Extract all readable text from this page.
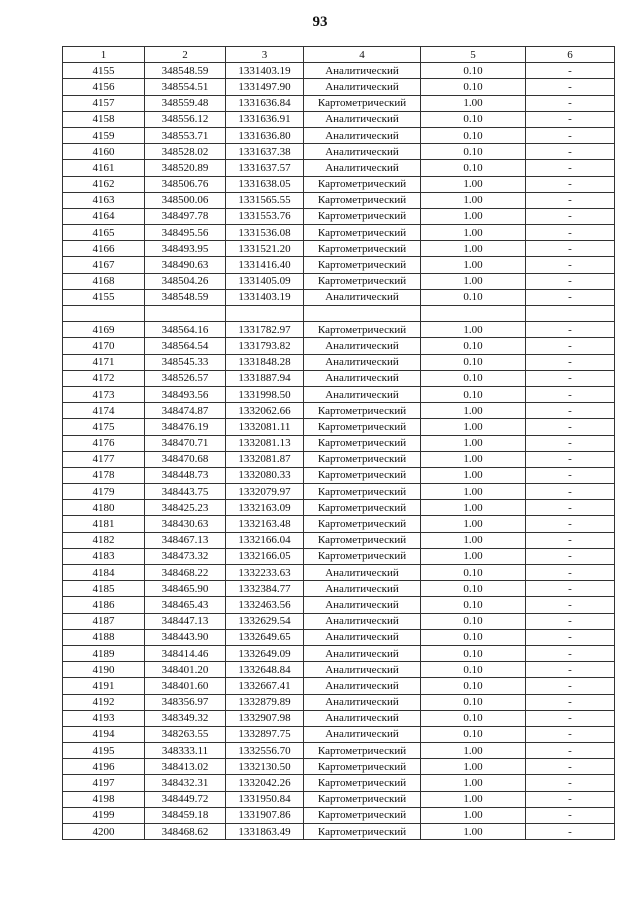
93
1	2	3	4	5	6
4155	348548.59	1331403.19	Аналитический	0.10	-
4156	348554.51	1331497.90	Аналитический	0.10	-
4157	348559.48	1331636.84	Картометрический	1.00	-
4158	348556.12	1331636.91	Аналитический	0.10	-
4159	348553.71	1331636.80	Аналитический	0.10	-
4160	348528.02	1331637.38	Аналитический	0.10	-
4161	348520.89	1331637.57	Аналитический	0.10	-
4162	348506.76	1331638.05	Картометрический	1.00	-
4163	348500.06	1331565.55	Картометрический	1.00	-
4164	348497.78	1331553.76	Картометрический	1.00	-
4165	348495.56	1331536.08	Картометрический	1.00	-
4166	348493.95	1331521.20	Картометрический	1.00	-
4167	348490.63	1331416.40	Картометрический	1.00	-
4168	348504.26	1331405.09	Картометрический	1.00	-
4155	348548.59	1331403.19	Аналитический	0.10	-

4169	348564.16	1331782.97	Картометрический	1.00	-
4170	348564.54	1331793.82	Аналитический	0.10	-
4171	348545.33	1331848.28	Аналитический	0.10	-
4172	348526.57	1331887.94	Аналитический	0.10	-
4173	348493.56	1331998.50	Аналитический	0.10	-
4174	348474.87	1332062.66	Картометрический	1.00	-
4175	348476.19	1332081.11	Картометрический	1.00	-
4176	348470.71	1332081.13	Картометрический	1.00	-
4177	348470.68	1332081.87	Картометрический	1.00	-
4178	348448.73	1332080.33	Картометрический	1.00	-
4179	348443.75	1332079.97	Картометрический	1.00	-
4180	348425.23	1332163.09	Картометрический	1.00	-
4181	348430.63	1332163.48	Картометрический	1.00	-
4182	348467.13	1332166.04	Картометрический	1.00	-
4183	348473.32	1332166.05	Картометрический	1.00	-
4184	348468.22	1332233.63	Аналитический	0.10	-
4185	348465.90	1332384.77	Аналитический	0.10	-
4186	348465.43	1332463.56	Аналитический	0.10	-
4187	348447.13	1332629.54	Аналитический	0.10	-
4188	348443.90	1332649.65	Аналитический	0.10	-
4189	348414.46	1332649.09	Аналитический	0.10	-
4190	348401.20	1332648.84	Аналитический	0.10	-
4191	348401.60	1332667.41	Аналитический	0.10	-
4192	348356.97	1332879.89	Аналитический	0.10	-
4193	348349.32	1332907.98	Аналитический	0.10	-
4194	348263.55	1332897.75	Аналитический	0.10	-
4195	348333.11	1332556.70	Картометрический	1.00	-
4196	348413.02	1332130.50	Картометрический	1.00	-
4197	348432.31	1332042.26	Картометрический	1.00	-
4198	348449.72	1331950.84	Картометрический	1.00	-
4199	348459.18	1331907.86	Картометрический	1.00	-
4200	348468.62	1331863.49	Картометрический	1.00	-
